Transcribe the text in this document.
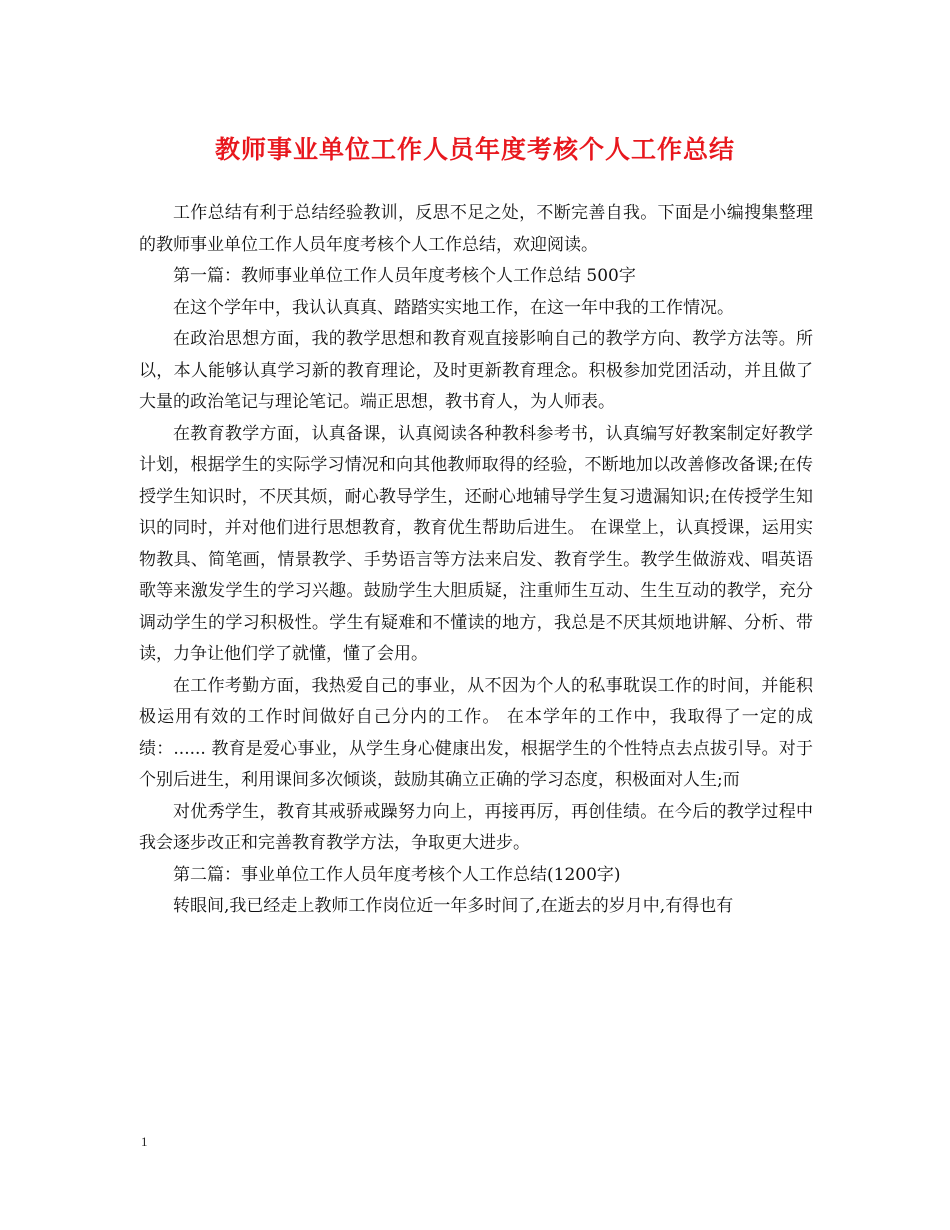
教师事业单位工作人员年度考核个人工作总结

工作总结有利于总结经验教训，反思不足之处，不断完善自我。下面是小编搜集整理的教师事业单位工作人员年度考核个人工作总结，欢迎阅读。

第一篇：教师事业单位工作人员年度考核个人工作总结 500字

在这个学年中，我认认真真、踏踏实实地工作，在这一年中我的工作情况。

在政治思想方面，我的教学思想和教育观直接影响自己的教学方向、教学方法等。所以，本人能够认真学习新的教育理论，及时更新教育理念。积极参加党团活动，并且做了大量的政治笔记与理论笔记。端正思想，教书育人，为人师表。

在教育教学方面，认真备课，认真阅读各种教科参考书，认真编写好教案制定好教学计划，根据学生的实际学习情况和向其他教师取得的经验，不断地加以改善修改备课;在传授学生知识时，不厌其烦，耐心教导学生，还耐心地辅导学生复习遗漏知识;在传授学生知识的同时，并对他们进行思想教育，教育优生帮助后进生。 在课堂上，认真授课，运用实物教具、简笔画，情景教学、手势语言等方法来启发、教育学生。教学生做游戏、唱英语歌等来激发学生的学习兴趣。鼓励学生大胆质疑，注重师生互动、生生互动的教学，充分调动学生的学习积极性。学生有疑难和不懂读的地方，我总是不厌其烦地讲解、分析、带读，力争让他们学了就懂，懂了会用。

在工作考勤方面，我热爱自己的事业，从不因为个人的私事耽误工作的时间，并能积极运用有效的工作时间做好自己分内的工作。 在本学年的工作中，我取得了一定的成绩：...... 教育是爱心事业，从学生身心健康出发，根据学生的个性特点去点拔引导。对于个别后进生，利用课间多次倾谈，鼓励其确立正确的学习态度，积极面对人生;而

对优秀学生，教育其戒骄戒躁努力向上，再接再厉，再创佳绩。在今后的教学过程中我会逐步改正和完善教育教学方法，争取更大进步。

第二篇：事业单位工作人员年度考核个人工作总结(1200字)

转眼间,我已经走上教师工作岗位近一年多时间了,在逝去的岁月中,有得也有

1
